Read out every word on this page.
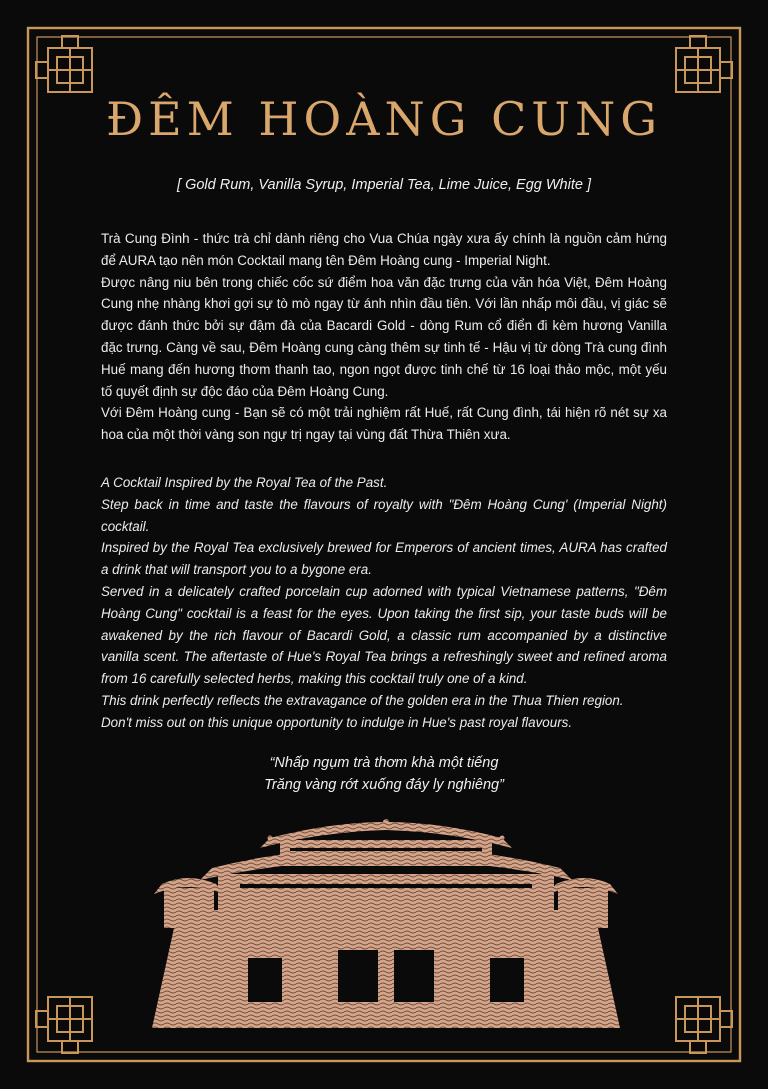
ĐÊM HOÀNG CUNG
[ Gold Rum, Vanilla Syrup, Imperial Tea, Lime Juice, Egg White ]

Trà Cung Đình - thức trà chỉ dành riêng cho Vua Chúa ngày xưa ấy chính là nguồn cảm hứng để AURA tạo nên món Cocktail mang tên Đêm Hoàng cung - Imperial Night.

Được nâng niu bên trong chiếc cốc sứ điểm hoa văn đặc trưng của văn hóa Việt, Đêm Hoàng Cung nhẹ nhàng khơi gợi sự tò mò ngay từ ánh nhìn đầu tiên. Với lần nhấp môi đầu, vị giác sẽ được đánh thức bởi sự đậm đà của Bacardi Gold - dòng Rum cổ điển đi kèm hương Vanilla đặc trưng. Càng về sau, Đêm Hoàng cung càng thêm sự tinh tế - Hậu vị từ dòng Trà cung đình Huế mang đến hương thơm thanh tao, ngon ngọt được tinh chế từ 16 loại thảo mộc, một yếu tố quyết định sự độc đáo của Đêm Hoàng Cung.

Với Đêm Hoàng cung - Bạn sẽ có một trải nghiệm rất Huế, rất Cung đình, tái hiện rõ nét sự xa hoa của một thời vàng son ngự trị ngay tại vùng đất Thừa Thiên xưa.

A Cocktail Inspired by the Royal Tea of the Past.

Step back in time and taste the flavours of royalty with "Đêm Hoàng Cung' (Imperial Night) cocktail.

Inspired by the Royal Tea exclusively brewed for Emperors of ancient times, AURA has crafted a drink that will transport you to a bygone era.

Served in a delicately crafted porcelain cup adorned with typical Vietnamese patterns, "Đêm Hoàng Cung" cocktail is a feast for the eyes. Upon taking the first sip, your taste buds will be awakened by the rich flavour of Bacardi Gold, a classic rum accompanied by a distinctive vanilla scent. The aftertaste of Hue's Royal Tea brings a refreshingly sweet and refined aroma from 16 carefully selected herbs, making this cocktail truly one of a kind.

This drink perfectly reflects the extravagance of the golden era in the Thua Thien region.

Don't miss out on this unique opportunity to indulge in Hue's past royal flavours.

“Nhấp ngụm trà thơm khà một tiếng
Trăng vàng rớt xuống đáy ly nghiêng”
